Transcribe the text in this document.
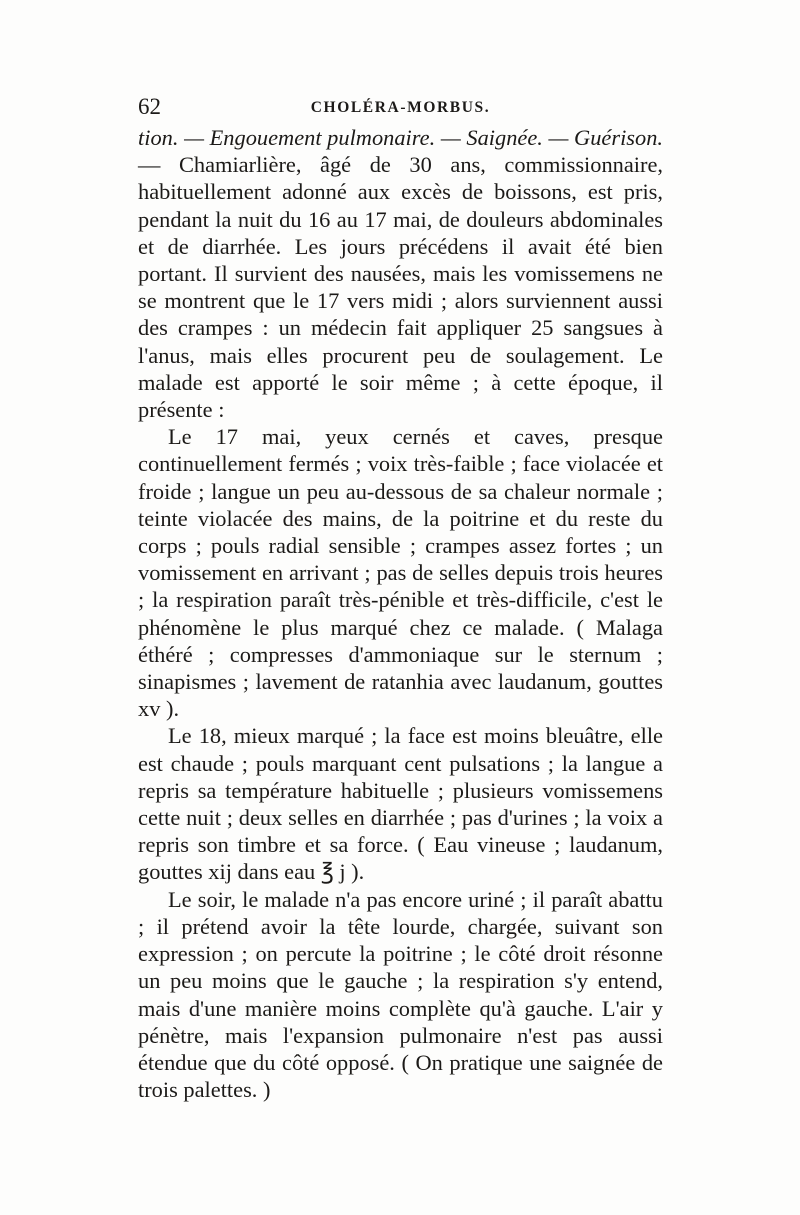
62	CHOLÉRA-MORBUS.

tion. — Engouement pulmonaire. — Saignée. — Guérison. — Chamiarlière, âgé de 30 ans, commissionnaire, habituellement adonné aux excès de boissons, est pris, pendant la nuit du 16 au 17 mai, de douleurs abdominales et de diarrhée. Les jours précédens il avait été bien portant. Il survient des nausées, mais les vomissemens ne se montrent que le 17 vers midi ; alors surviennent aussi des crampes : un médecin fait appliquer 25 sangsues à l'anus, mais elles procurent peu de soulagement. Le malade est apporté le soir même ; à cette époque, il présente :

Le 17 mai, yeux cernés et caves, presque continuellement fermés ; voix très-faible ; face violacée et froide ; langue un peu au-dessous de sa chaleur normale ; teinte violacée des mains, de la poitrine et du reste du corps ; pouls radial sensible ; crampes assez fortes ; un vomissement en arrivant ; pas de selles depuis trois heures ; la respiration paraît très-pénible et très-difficile, c'est le phénomène le plus marqué chez ce malade. ( Malaga éthéré ; compresses d'ammoniaque sur le sternum ; sinapismes ; lavement de ratanhia avec laudanum, gouttes xv ).

Le 18, mieux marqué ; la face est moins bleuâtre, elle est chaude ; pouls marquant cent pulsations ; la langue a repris sa température habituelle ; plusieurs vomissemens cette nuit ; deux selles en diarrhée ; pas d'urines ; la voix a repris son timbre et sa force. ( Eau vineuse ; laudanum, gouttes xij dans eau ℥ j ).

Le soir, le malade n'a pas encore uriné ; il paraît abattu ; il prétend avoir la tête lourde, chargée, suivant son expression ; on percute la poitrine ; le côté droit résonne un peu moins que le gauche ; la respiration s'y entend, mais d'une manière moins complète qu'à gauche. L'air y pénètre, mais l'expansion pulmonaire n'est pas aussi étendue que du côté opposé. ( On pratique une saignée de trois palettes. )
